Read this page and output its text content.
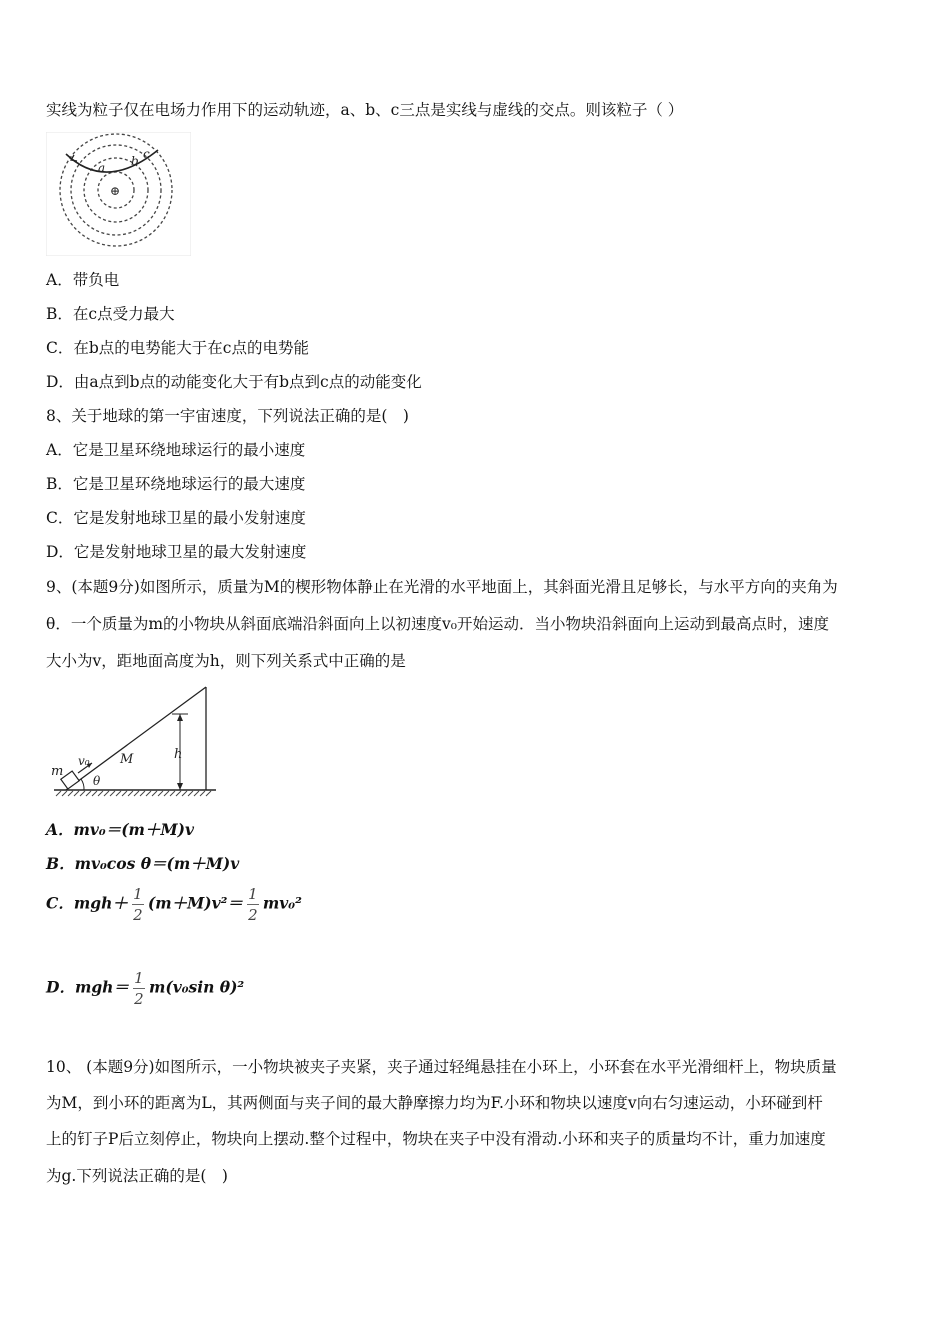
实线为粒子仅在电场力作用下的运动轨迹，a、b、c三点是实线与虚线的交点。则该粒子（ ）
a b c
⊕
A．带负电
B．在c点受力最大
C．在b点的电势能大于在c点的电势能
D．由a点到b点的动能变化大于有b点到c点的动能变化
8、关于地球的第一宇宙速度，下列说法正确的是(　)
A．它是卫星环绕地球运行的最小速度
B．它是卫星环绕地球运行的最大速度
C．它是发射地球卫星的最小发射速度
D．它是发射地球卫星的最大发射速度
9、(本题9分)如图所示，质量为M的楔形物体静止在光滑的水平地面上，其斜面光滑且足够长，与水平方向的夹角为
θ．一个质量为m的小物块从斜面底端沿斜面向上以初速度v₀开始运动．当小物块沿斜面向上运动到最高点时，速度
大小为v，距地面高度为h，则下列关系式中正确的是
m
v₀ M	h
θ
A．mv₀＝(m＋M)v
B．mv₀cos θ＝(m＋M)v
C．$mgh+ \frac{1}{2} (m+M)v^2= \frac{1}{2} mv_0^2$
D．$mgh= \frac{1}{2} m(v_0\sin$ θ)²
10、 (本题9分)如图所示，一小物块被夹子夹紧，夹子通过轻绳悬挂在小环上，小环套在水平光滑细杆上，物块质量
为M，到小环的距离为L，其两侧面与夹子间的最大静摩擦力均为F.小环和物块以速度v向右匀速运动，小环碰到杆
上的钉子P后立刻停止，物块向上摆动.整个过程中，物块在夹子中没有滑动.小环和夹子的质量均不计，重力加速度
为g.下列说法正确的是(　)
